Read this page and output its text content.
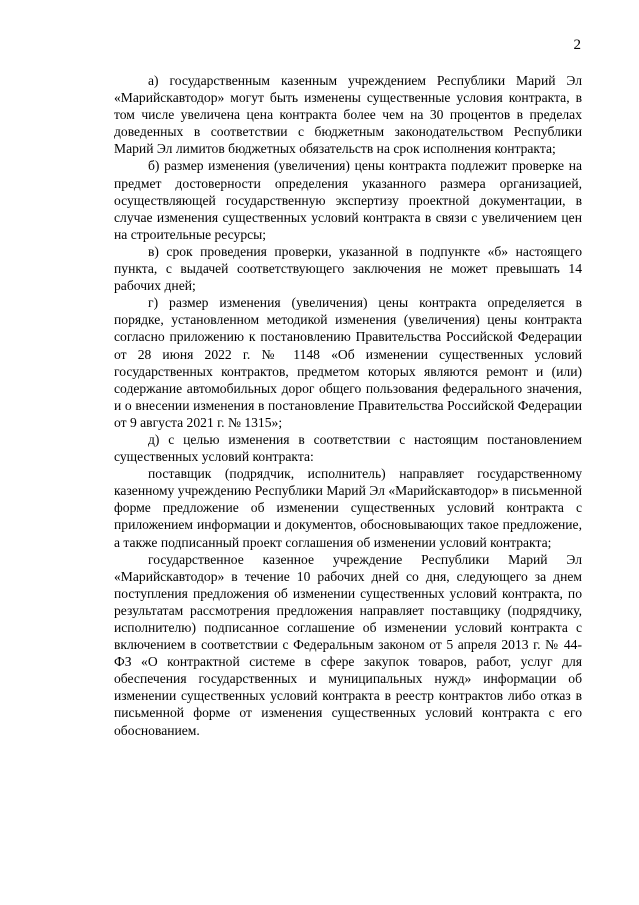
2

а) государственным казенным учреждением Республики Марий Эл «Марийскавтодор» могут быть изменены существенные условия контракта, в том числе увеличена цена контракта более чем на 30 процентов в пределах доведенных в соответствии с бюджетным законодательством Республики Марий Эл лимитов бюджетных обязательств на срок исполнения контракта;

б) размер изменения (увеличения) цены контракта подлежит проверке на предмет достоверности определения указанного размера организацией, осуществляющей государственную экспертизу проектной документации, в случае изменения существенных условий контракта в связи с увеличением цен на строительные ресурсы;

в) срок проведения проверки, указанной в подпункте «б» настоящего пункта, с выдачей соответствующего заключения не может превышать 14 рабочих дней;

г) размер изменения (увеличения) цены контракта определяется в порядке, установленном методикой изменения (увеличения) цены контракта согласно приложению к постановлению Правительства Российской Федерации от 28 июня 2022 г. № 1148 «Об изменении существенных условий государственных контрактов, предметом которых являются ремонт и (или) содержание автомобильных дорог общего пользования федерального значения, и о внесении изменения в постановление Правительства Российской Федерации от 9 августа 2021 г. № 1315»;

д) с целью изменения в соответствии с настоящим постановлением существенных условий контракта:

поставщик (подрядчик, исполнитель) направляет государственному казенному учреждению Республики Марий Эл «Марийскавтодор» в письменной форме предложение об изменении существенных условий контракта с приложением информации и документов, обосновывающих такое предложение, а также подписанный проект соглашения об изменении условий контракта;

государственное казенное учреждение Республики Марий Эл «Марийскавтодор» в течение 10 рабочих дней со дня, следующего за днем поступления предложения об изменении существенных условий контракта, по результатам рассмотрения предложения направляет поставщику (подрядчику, исполнителю) подписанное соглашение об изменении условий контракта с включением в соответствии с Федеральным законом от 5 апреля 2013 г. № 44-ФЗ «О контрактной системе в сфере закупок товаров, работ, услуг для обеспечения государственных и муниципальных нужд» информации об изменении существенных условий контракта в реестр контрактов либо отказ в письменной форме от изменения существенных условий контракта с его обоснованием.
